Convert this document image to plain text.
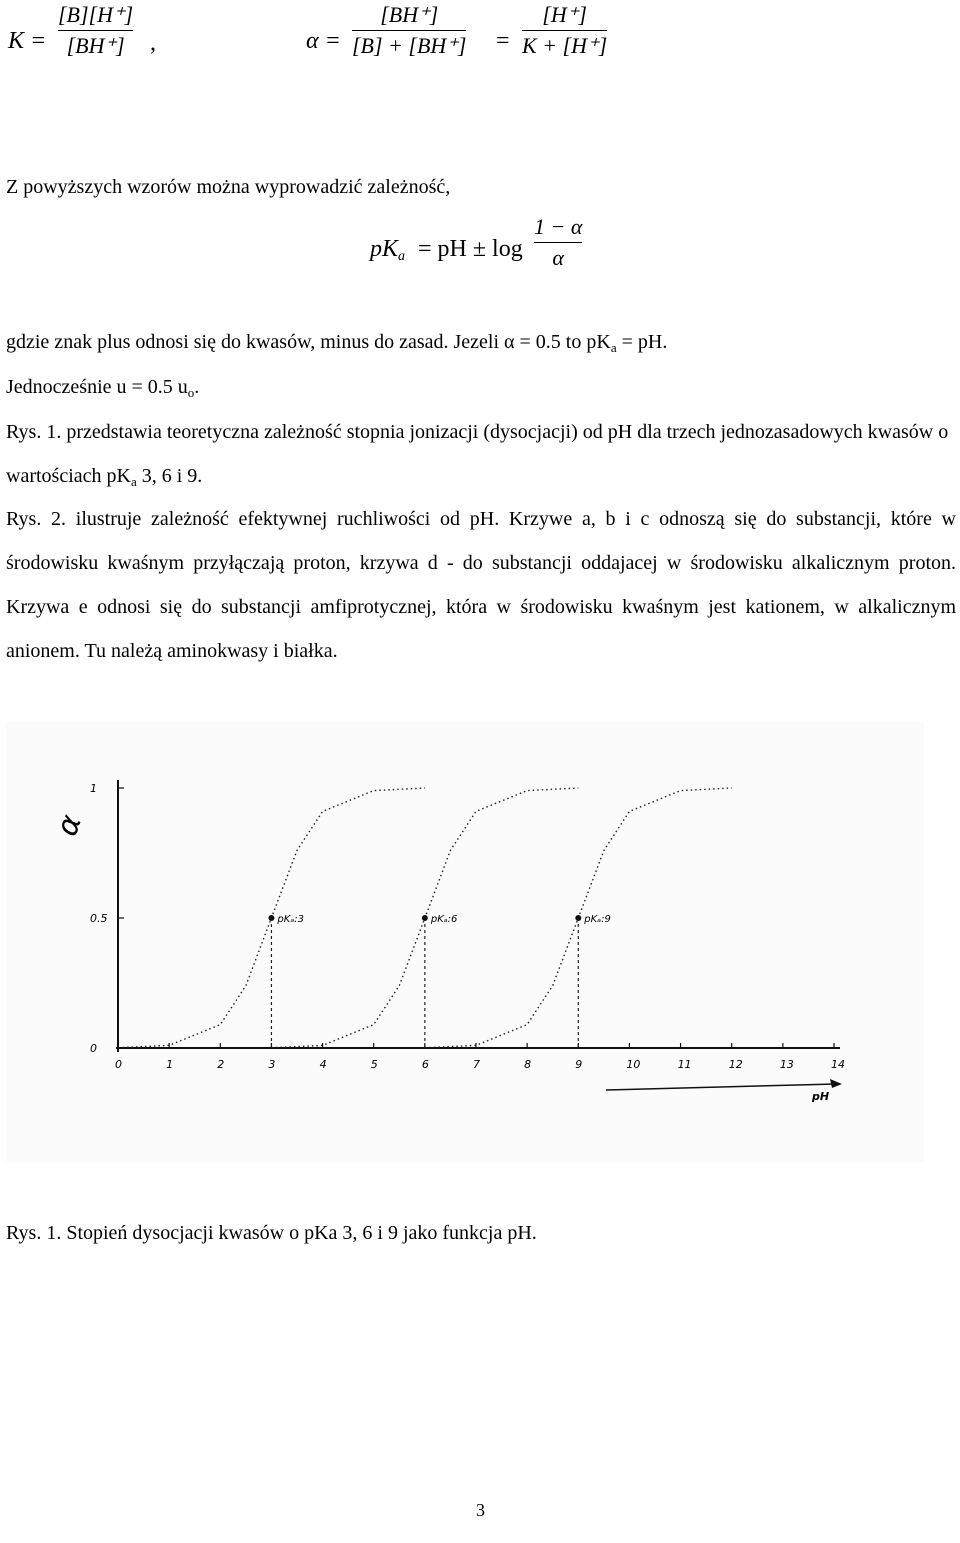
K =
[B][H⁺]
[BH⁺] ,	α =
[BH⁺]
[B] + [BH⁺] =
[H⁺]
K + [H⁺]

Z powyższych wzorów można wyprowadzić zależność,

$pK_a$ = pH ± log
1 − α
α

gdzie znak plus odnosi się do kwasów, minus do zasad. Jezeli α = 0.5 to $pK_a$ = pH.

Jednocześnie u = 0.5 $u_o$.

Rys. 1. przedstawia teoretyczna zależność stopnia jonizacji (dysocjacji) od pH dla trzech jednozasadowych kwasów o wartościach $pK_a$ 3, 6 i 9.

Rys. 2. ilustruje zależność efektywnej ruchliwości od pH. Krzywe a, b i c odnoszą się do substancji, które w środowisku kwaśnym przyłączają proton, krzywa d - do substancji oddajacej w środowisku alkalicznym proton. Krzywa e odnosi się do substancji amfiprotycznej, która w środowisku kwaśnym jest kationem, w alkalicznym anionem. Tu należą aminokwasy i białka.

0	1	2	3	4	5	6	7	8	9	10	11	12	13	14
0
0.5
1
pKₐ:3	pKₐ:6	pKₐ:9
pH
α

Rys. 1. Stopień dysocjacji kwasów o pKa 3, 6 i 9 jako funkcja pH.

3
